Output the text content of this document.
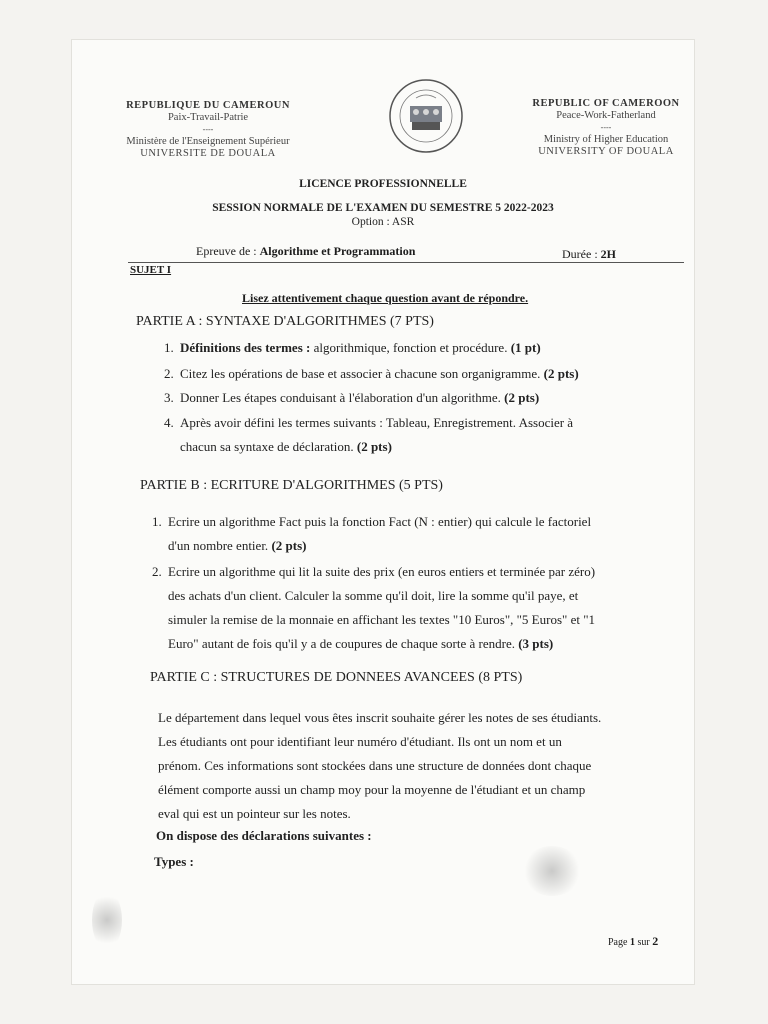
REPUBLIQUE DU CAMEROUN
Paix-Travail-Patrie
----
Ministère de l'Enseignement Supérieur
UNIVERSITE DE DOUALA
REPUBLIC OF CAMEROON
Peace-Work-Fatherland
----
Ministry of Higher Education
UNIVERSITY OF DOUALA
LICENCE PROFESSIONNELLE
SESSION NORMALE DE L'EXAMEN DU SEMESTRE 5 2022-2023
Option : ASR
Epreuve de : Algorithme et Programmation	Durée : 2H
SUJET I
Lisez attentivement chaque question avant de répondre.
PARTIE A : SYNTAXE D'ALGORITHMES (7 PTS)
1. Définitions des termes : algorithmique, fonction et procédure. (1 pt)
2. Citez les opérations de base et associer à chacune son organigramme. (2 pts)
3. Donner Les étapes conduisant à l'élaboration d'un algorithme. (2 pts)
4. Après avoir défini les termes suivants : Tableau, Enregistrement. Associer à
chacun sa syntaxe de déclaration. (2 pts)
PARTIE B : ECRITURE D'ALGORITHMES (5 PTS)
1. Ecrire un algorithme Fact puis la fonction Fact (N : entier) qui calcule le factoriel
d'un nombre entier. (2 pts)
2. Ecrire un algorithme qui lit la suite des prix (en euros entiers et terminée par zéro)
des achats d'un client. Calculer la somme qu'il doit, lire la somme qu'il paye, et
simuler la remise de la monnaie en affichant les textes "10 Euros", "5 Euros" et "1
Euro" autant de fois qu'il y a de coupures de chaque sorte à rendre. (3 pts)
PARTIE C : STRUCTURES DE DONNEES AVANCEES (8 PTS)
Le département dans lequel vous êtes inscrit souhaite gérer les notes de ses étudiants.
Les étudiants ont pour identifiant leur numéro d'étudiant. Ils ont un nom et un
prénom. Ces informations sont stockées dans une structure de données dont chaque
élément comporte aussi un champ moy pour la moyenne de l'étudiant et un champ
eval qui est un pointeur sur les notes.
On dispose des déclarations suivantes :
Types :
Page 1 sur 2
